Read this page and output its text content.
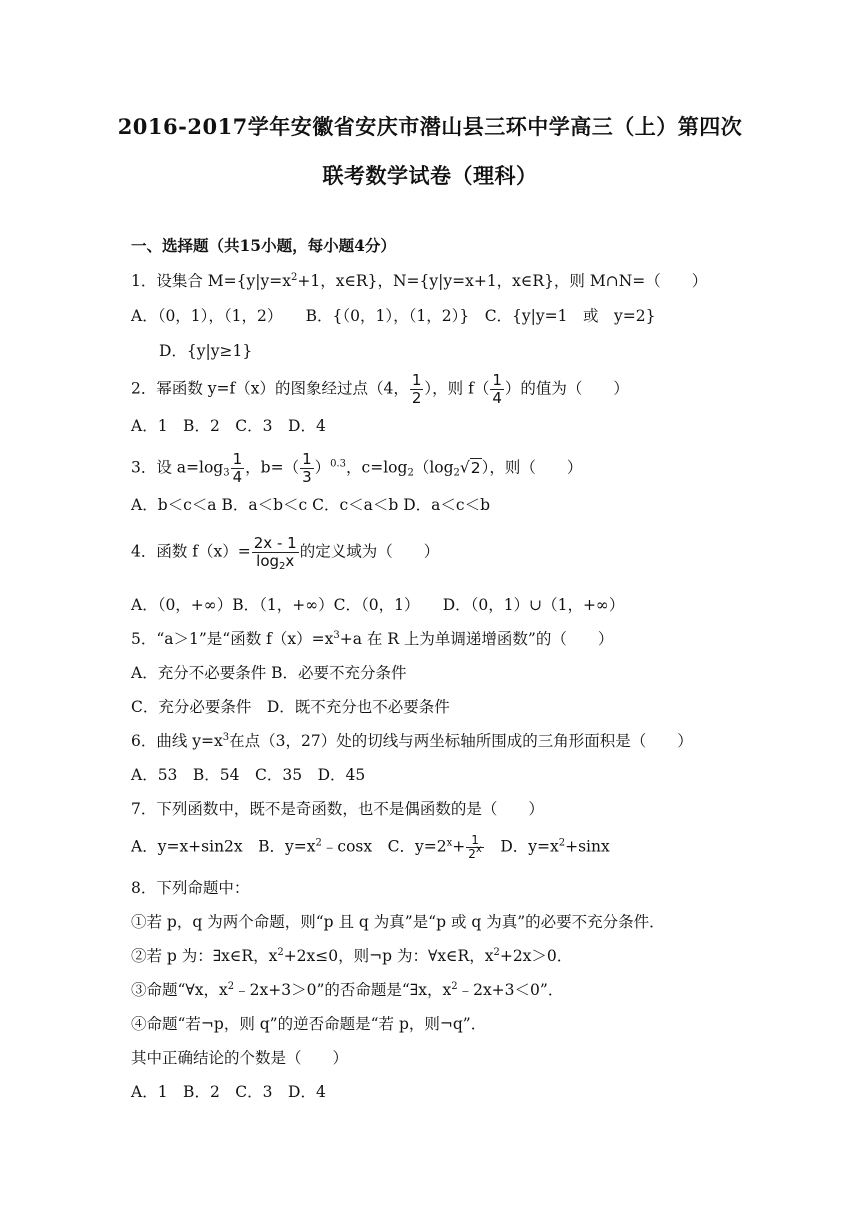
2016-2017学年安徽省安庆市潜山县三环中学高三（上）第四次
联考数学试卷（理科）
一、选择题（共15小题，每小题4分）
1．设集合 $M=\{y|y=x^2+1$，x∈R}，N={y|y=x+1，x∈R}，则 M∩N=（　　）
A．（0，1），（1，2）　　B．{（0，1），（1，2）}　C．{y|y=1　或　y=2}
D．{y|y≥1}
2．幂函数 y=f（x）的图象经过点（4， $\frac{1}{2}$ ），则 $f( \frac{1}{4}$ ）的值为（　　）
A．1　B．2　C．3　D．4
3．设 $a=\log_3 \frac{1}{4}$ ，$b=( \frac{1}{3} )^{0.3}$，$c=\log_2(\log_2√2)$，则（　　）
A．b＜c＜a B．a＜b＜c C．c＜a＜b D．a＜c＜b
4．函数 $f(x)= \frac{2x - 1}{\log_2x}$ 的定义域为（　　）
A．（0，+∞）B．（1，+∞）C．（0，1）　　D．（0，1）∪（1，+∞）
5．“a＞1”是“函数 $f(x)=x^3+a$ 在 R 上为单调递增函数”的（　　）
A．充分不必要条件 B．必要不充分条件
C．充分必要条件　D．既不充分也不必要条件
6．曲线 $y=x^3$在点（3，27）处的切线与两坐标轴所围成的三角形面积是（　　）
A．53　B．54　C．35　D．45
7．下列函数中，既不是奇函数，也不是偶函数的是（　　）
A．y=x+sin2x　B．$y=x^2﹣\cos x$　C．$y=2^x+ \frac{1}{2^x}$ 　D．$y=x^2+\sin x$
8．下列命题中：
①若 p，q 为两个命题，则“p 且 q 为真”是“p 或 q 为真”的必要不充分条件．
②若 p 为：∃x∈R，$x^2+2x\le 0$，则¬p 为：∀x∈R，$x^2+2x>0$．
③命题“∀x，$x^2﹣2x+3>0$”的否命题是“∃x，$x^2﹣2x+3<0$”．
④命题“若¬p，则 q”的逆否命题是“若 p，则¬q”．
其中正确结论的个数是（　　）
A．1　B．2　C．3　D．4
